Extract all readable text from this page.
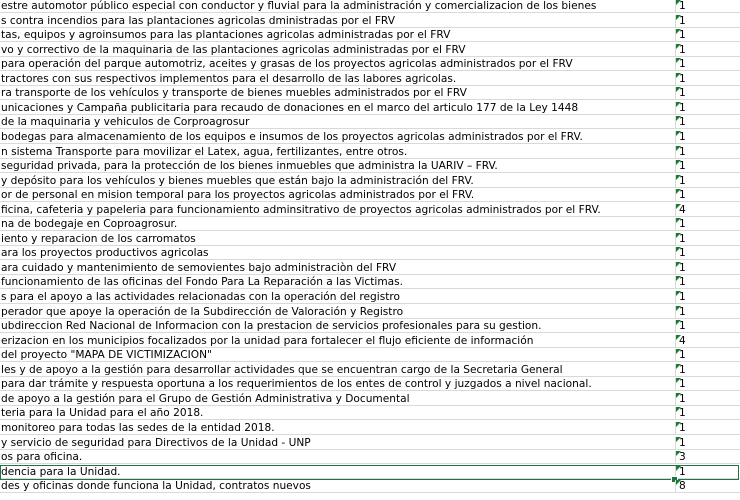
estre automotor público especial con conductor y fluvial para la administración y comercializacion de los bienes	1
s contra incendios para las plantaciones agricolas dministradas por el FRV	1
tas, equipos y agroinsumos para las plantaciones agricolas administradas por el FRV	1
vo y correctivo de la maquinaria de las plantaciones agricolas administradas por el FRV	1
para operación del parque automotriz, aceites y grasas de los proyectos agricolas administrados por el FRV	1
tractores con sus respectivos implementos para el desarrollo de las labores agricolas.	1
ra transporte de los vehículos y transporte de bienes muebles administrados por el FRV	1
unicaciones y Campaña publicitaria para recaudo de donaciones en el marco del articulo 177 de la Ley 1448	1
de la maquinaria y vehiculos de Corproagrosur	1
bodegas para almacenamiento de los equipos e insumos de los proyectos agricolas administrados por el FRV.	1
n sistema Transporte para movilizar el Latex, agua, fertilizantes, entre otros.	1
seguridad privada, para la protección de los bienes inmuebles que administra la UARIV – FRV.	1
y depósito para los vehículos y bienes muebles que están bajo la administración del FRV.	1
or de personal en mision temporal para los proyectos agricolas administrados por el FRV.	1
ficina, cafeteria y papeleria para funcionamiento adminsitrativo de proyectos agricolas administrados por el FRV.	4
na de bodegaje en Coproagrosur.	1
iento y reparacion de los carromatos	1
ara los proyectos productivos agricolas	1
ara cuidado y mantenimiento de semovientes bajo administraciòn del FRV	1
funcionamiento de las oficinas del Fondo Para La Reparación a las Victimas.	1
s para el apoyo a las actividades relacionadas con la operación del registro	1
perador que apoye la operación de la Subdirección de Valoración y Registro	1
ubdireccion Red Nacional de Informacion con la prestacion de servicios profesionales para su gestion.	1
erizacion en los municipios focalizados por la unidad para fortalecer el flujo eficiente de información	4
del proyecto "MAPA DE VICTIMIZACIÓN"	1
les y de apoyo a la gestión para desarrollar actividades que se encuentran cargo de la Secretaria General	1
para dar trámite y respuesta oportuna a los requerimientos de los entes de control y juzgados a nivel nacional.	1
de apoyo a la gestión para el Grupo de Gestión Administrativa y Documental	1
teria para la Unidad para el año 2018.	1
monitoreo para todas las sedes de la entidad 2018.	1
y servicio de seguridad para Directivos de la Unidad - UNP	1
os para oficina.	3
dencia para la Unidad.	1
des y oficinas donde funciona la Unidad, contratos nuevos	8
